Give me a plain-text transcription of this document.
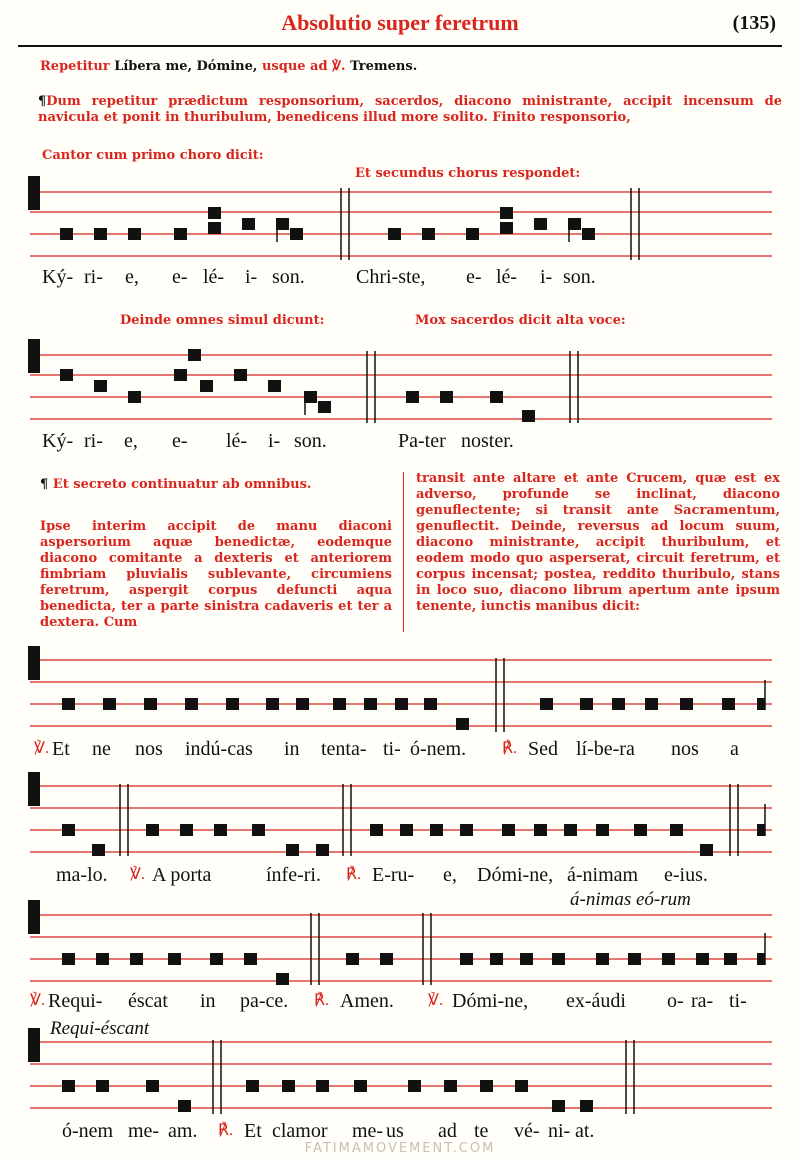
Absolutio super feretrum	(135)
Repetitur Líbera me, Dómine, usque ad ℣. Tremens.
¶Dum repetitur prædictum responsorium, sacerdos, diacono ministrante, accipit incensum de navicula et ponit in thuribulum, benedicens illud more solito. Finito responsorio,
Cantor cum primo choro dicit:
Et secundus chorus respondet:
Ký- ri- e, e- lé- i- son.	Chri-ste, e- lé- i- son.
Deinde omnes simul dicunt:	Mox sacerdos dicit alta voce:
Ký- ri- e, e- lé- i- son.	Pa-ter noster.
¶ Et secreto continuatur ab omnibus.
Ipse interim accipit de manu diaconi aspersorium aquæ benedictæ, eodemque diacono comitante a dexteris et anteriorem fimbriam pluvialis sublevante, circumiens feretrum, aspergit corpus defuncti aqua benedicta, ter a parte sinistra cadaveris et ter a dextera. Cum
transit ante altare et ante Crucem, quæ est ex adverso, profunde se inclinat, diacono genuflectente; si transit ante Sacramentum, genuflectit. Deinde, reversus ad locum suum, diacono ministrante, accipit thuribulum, et eodem modo quo asperserat, circuit feretrum, et corpus incensat; postea, reddito thuribulo, stans in loco suo, diacono librum apertum ante ipsum tenente, iunctis manibus dicit:
℣. Et ne nos indú-cas in tenta- ti- ó-nem. ℟. Sed lí-be-ra nos a
ma-lo. ℣. A porta	ínfe-ri. ℟. E-ru- e, Dómi-ne, á-nimam e-ius.
á-nimas eó-rum
℣. Requi- éscat in pa-ce. ℟. Amen. ℣. Dómi-ne, ex-áudi o- ra- ti-
Requi-éscant
ó-nem me- am. ℟. Et clamor me- us ad te vé- ni- at.
FATIMAMOVEMENT.COM
